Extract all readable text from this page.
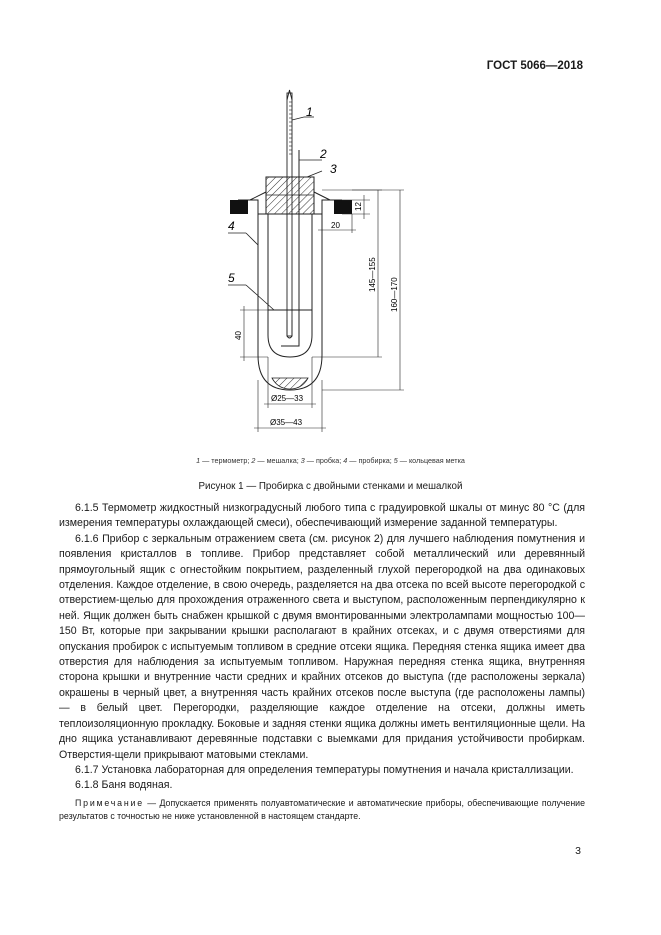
ГОСТ 5066—2018
1
2
3
4
5
12
20
145—155
160—170
40
Ø25—33
Ø35—43
1 — термометр; 2 — мешалка; 3 — пробка; 4 — пробирка; 5 — кольцевая метка
Рисунок 1 — Пробирка с двойными стенками и мешалкой

6.1.5 Термометр жидкостный низкоградусный любого типа с градуировкой шкалы от минус 80 °С (для измерения температуры охлаждающей смеси), обеспечивающий измерение заданной температуры.

6.1.6 Прибор с зеркальным отражением света (см. рисунок 2) для лучшего наблюдения помутнения и появления кристаллов в топливе. Прибор представляет собой металлический или деревянный прямоугольный ящик с огнестойким покрытием, разделенный глухой перегородкой на два одинаковых отделения. Каждое отделение, в свою очередь, разделяется на два отсека по всей высоте перегородкой с отверстием-щелью для прохождения отраженного света и выступом, расположенным перпендикулярно к ней. Ящик должен быть снабжен крышкой с двумя вмонтированными электролампами мощностью 100—150 Вт, которые при закрывании крышки располагают в крайних отсеках, и с двумя отверстиями для опускания пробирок с испытуемым топливом в средние отсеки ящика. Передняя стенка ящика имеет два отверстия для наблюдения за испытуемым топливом. Наружная передняя стенка ящика, внутренняя сторона крышки и внутренние части средних и крайних отсеков до выступа (где расположены зеркала) окрашены в черный цвет, а внутренняя часть крайних отсеков после выступа (где расположены лампы) — в белый цвет. Перегородки, разделяющие каждое отделение на отсеки, должны иметь теплоизоляционную прокладку. Боковые и задняя стенки ящика должны иметь вентиляционные щели. На дно ящика устанавливают деревянные подставки с выемками для придания устойчивости пробиркам. Отверстия-щели прикрывают матовыми стеклами.

6.1.7 Установка лабораторная для определения температуры помутнения и начала кристаллизации.

6.1.8 Баня водяная.

Примечание — Допускается применять полуавтоматические и автоматические приборы, обеспечивающие получение результатов с точностью не ниже установленной в настоящем стандарте.
3
